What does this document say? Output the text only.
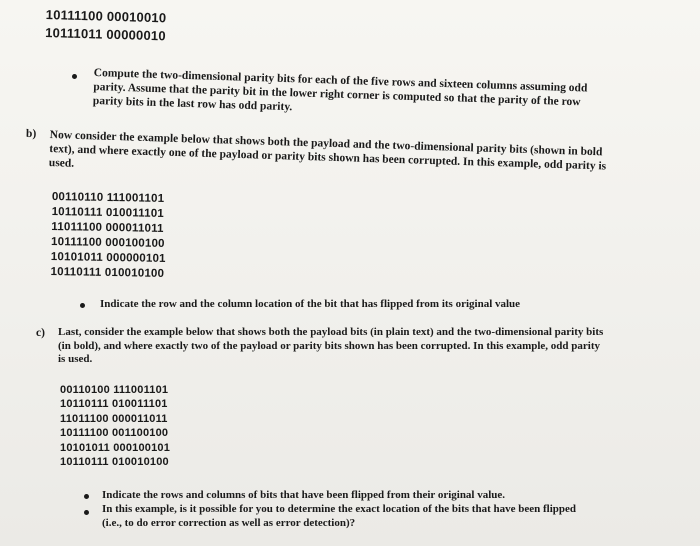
10111100 00010010
10111011 00000010
Compute the two-dimensional parity bits for each of the five rows and sixteen columns assuming odd parity. Assume that the parity bit in the lower right corner is computed so that the parity of the row parity bits in the last row has odd parity.
b) Now consider the example below that shows both the payload and the two-dimensional parity bits (shown in bold text), and where exactly one of the payload or parity bits shown has been corrupted. In this example, odd parity is used.
00110110 111001101
10110111 010011101
11011100 000011011
10111100 000100100
10101011 000000101
10110111 010010100
Indicate the row and the column location of the bit that has flipped from its original value
c) Last, consider the example below that shows both the payload bits (in plain text) and the two-dimensional parity bits (in bold), and where exactly two of the payload or parity bits shown has been corrupted. In this example, odd parity is used.
00110100 111001101
10110111 010011101
11011100 000011011
10111100 001100100
10101011 000100101
10110111 010010100
Indicate the rows and columns of bits that have been flipped from their original value.
In this example, is it possible for you to determine the exact location of the bits that have been flipped (i.e., to do error correction as well as error detection)?
